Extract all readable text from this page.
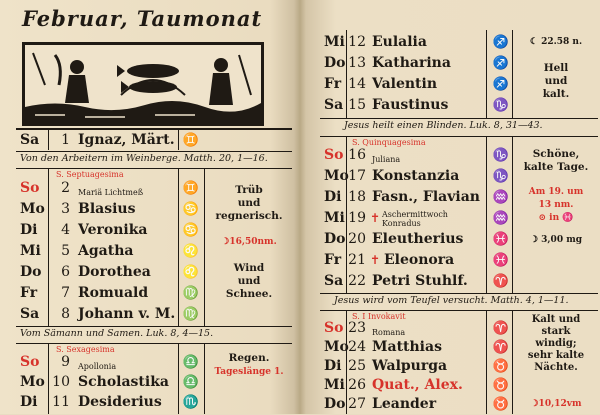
Februar, Taumonat
Sa	1 Ignaz, Märt. ♊
Von den Arbeitern im Weinberge. Matth. 20, 1—16.
S. Septuagesima
So	2 Mariä Lichtmeß	♊
Mo	3 Blasius	♋
Di	4 Veronika	♋
Mi	5 Agatha	♌
Do	6 Dorothea ♌
Fr	7 Romuald	♍
Sa	8 Johann v. M. ♍
Trüb
und
regnerisch.
☽16,50nm.
Wind
und
Schnee.
Vom Sämann und Samen. Luk. 8, 4—15.
S. Sexagesima
So	9 Apollonia	♎
Mo 10 Scholastika ♎
Di	11 Desiderius ♏
Regen.
Tageslänge 1.
Mi 12 Eulalia	♐
Do 13 Katharina	♐
Fr 14 Valentin	♐
Sa 15 Faustinus	♑
☾ 22.58 n.
Hell
und
kalt.
Jesus heilt einen Blinden. Luk. 8, 31—43.
S. Quinquagesima
So 16 Juliana	♑
Mo 17 Konstanzia	♑
Di 18 Fasn., Flavian ♒
Mi 19 ✝ Aschermittwoch Konradus	♒
Do 20 Eleutherius ♓
Fr 21 ✝ Eleonora	♓
Sa 22 Petri Stuhlf. ♈
Schöne,
kalte Tage.
Am 19. um
13 nm.
⊙ in ♓
☽ 3,00 mg
Jesus wird vom Teufel versucht. Matth. 4, 1—11.
S. I Invokavit
So 23 Romana	♈
Mo 24 Matthias	♈
Di 25 Walpurga	♉
Mi 26 Quat., Alex. ♉
Do 27 Leander	♉
Kalt und
stark
windig;
sehr kalte
Nächte.
☽10,12vm
